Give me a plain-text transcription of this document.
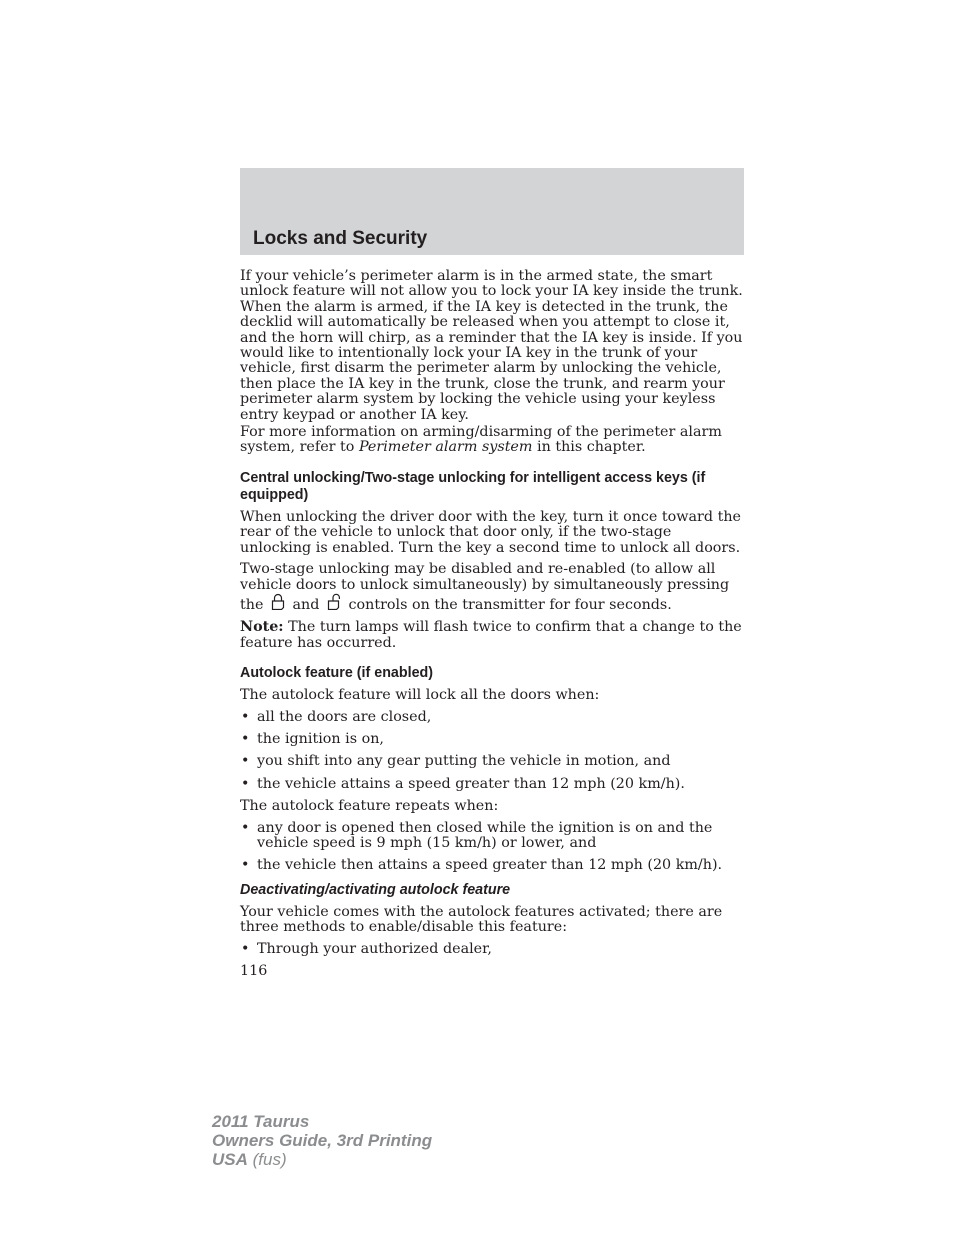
Locks and Security

If your vehicle’s perimeter alarm is in the armed state, the smart unlock feature will not allow you to lock your IA key inside the trunk. When the alarm is armed, if the IA key is detected in the trunk, the decklid will automatically be released when you attempt to close it, and the horn will chirp, as a reminder that the IA key is inside. If you would like to intentionally lock your IA key in the trunk of your vehicle, first disarm the perimeter alarm by unlocking the vehicle, then place the IA key in the trunk, close the trunk, and rearm your perimeter alarm system by locking the vehicle using your keyless entry keypad or another IA key.

For more information on arming/disarming of the perimeter alarm system, refer to Perimeter alarm system in this chapter.

Central unlocking/Two-stage unlocking for intelligent access keys (if equipped)

When unlocking the driver door with the key, turn it once toward the rear of the vehicle to unlock that door only, if the two-stage unlocking is enabled. Turn the key a second time to unlock all doors.

Two-stage unlocking may be disabled and re-enabled (to allow all vehicle doors to unlock simultaneously) by simultaneously pressing
the and controls on the transmitter for four seconds.

Note: The turn lamps will flash twice to confirm that a change to the feature has occurred.

Autolock feature (if enabled)

The autolock feature will lock all the doors when:

• all the doors are closed,
• the ignition is on,
• you shift into any gear putting the vehicle in motion, and
• the vehicle attains a speed greater than 12 mph (20 km/h).

The autolock feature repeats when:

• any door is opened then closed while the ignition is on and the vehicle speed is 9 mph (15 km/h) or lower, and
• the vehicle then attains a speed greater than 12 mph (20 km/h).
Deactivating/activating autolock feature

Your vehicle comes with the autolock features activated; there are three methods to enable/disable this feature:

• Through your authorized dealer,
116
2011 Taurus
Owners Guide, 3rd Printing
USA (fus)
